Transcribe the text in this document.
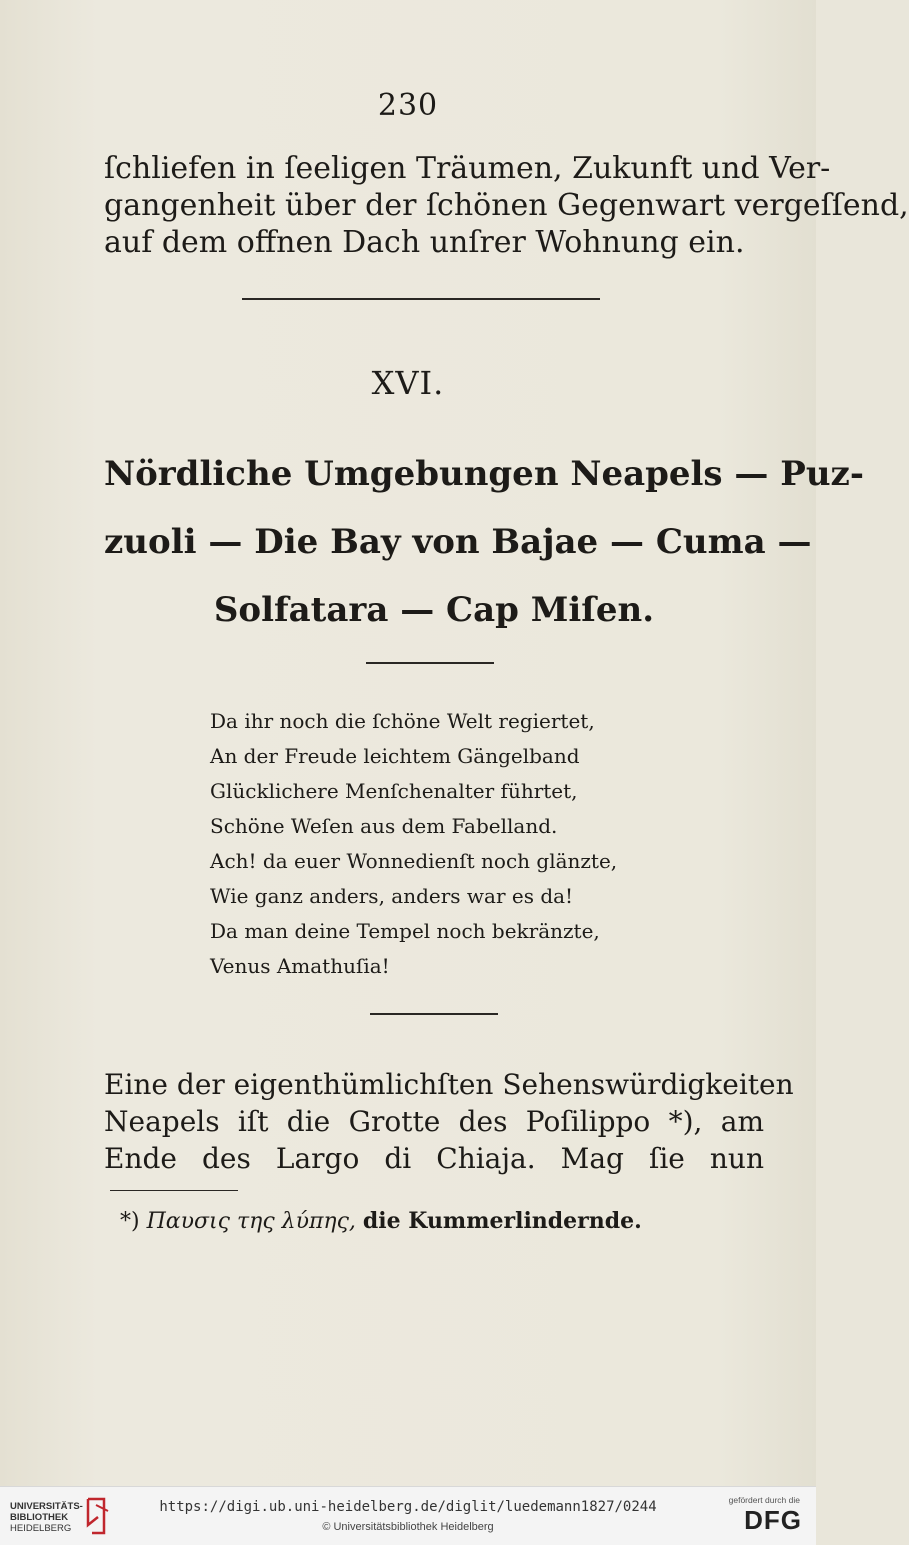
230
ſchliefen in ſeeligen Träumen, Zukunft und Ver-
gangenheit über der ſchönen Gegenwart vergeſſend,
auf dem offnen Dach unſrer Wohnung ein.
XVI.
Nördliche Umgebungen Neapels — Puz-
zuoli — Die Bay von Bajae — Cuma —
Solfatara — Cap Miſen.
Da ihr noch die ſchöne Welt regiertet,
An der Freude leichtem Gängelband
Glücklichere Menſchenalter führtet,
Schöne Weſen aus dem Fabelland.
Ach! da euer Wonnedienſt noch glänzte,
Wie ganz anders, anders war es da!
Da man deine Tempel noch bekränzte,
Venus Amathuſia!
Eine der eigenthümlichſten Sehenswürdigkeiten
Neapels iſt die Grotte des Poſilippo *), am
Ende des Largo di Chiaja. Mag ſie nun
*) Παυσις της λύπης, die Kummerlindernde.
UNIVERSITÄTS-
BIBLIOTHEK
HEIDELBERG
https://digi.ub.uni-heidelberg.de/diglit/luedemann1827/0244
© Universitätsbibliothek Heidelberg
gefördert durch die
DFG
